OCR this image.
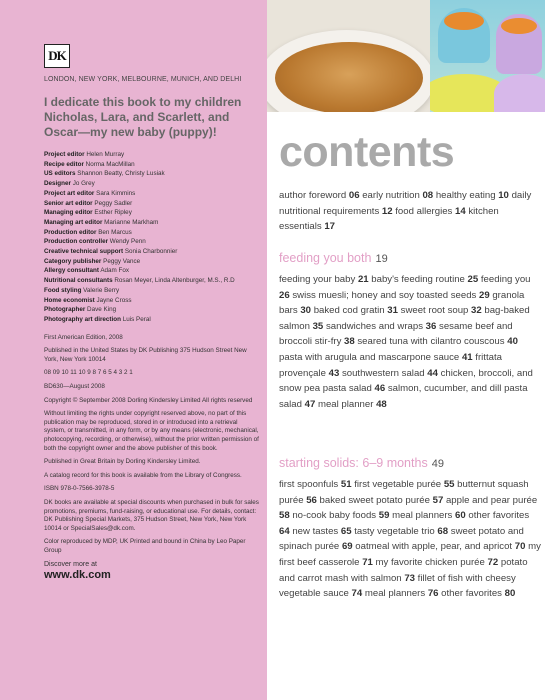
DK
LONDON, NEW YORK, MELBOURNE, MUNICH, AND DELHI
I dedicate this book to my children Nicholas, Lara, and Scarlett, and Oscar—my new baby (puppy)!
Project editor Helen Murray
Recipe editor Norma MacMillan
US editors Shannon Beatty, Christy Lusiak
Designer Jo Grey
Project art editor Sara Kimmins
Senior art editor Peggy Sadler
Managing editor Esther Ripley
Managing art editor Marianne Markham
Production editor Ben Marcus
Production controller Wendy Penn
Creative technical support Sonia Charbonnier
Category publisher Peggy Vance
Allergy consultant Adam Fox
Nutritional consultants Rosan Meyer, Linda Altenburger, M.S., R.D
Food styling Valerie Berry
Home economist Jayne Cross
Photographer Dave King
Photography art direction Luis Peral

First American Edition, 2008

Published in the United States by DK Publishing 375 Hudson Street New York, New York 10014

08 09 10 11 10 9 8 7 6 5 4 3 2 1

BD630—August 2008

Copyright © September 2008 Dorling Kindersley Limited All rights reserved

Without limiting the rights under copyright reserved above, no part of this publication may be reproduced, stored in or introduced into a retrieval system, or transmitted, in any form, or by any means (electronic, mechanical, photocopying, recording, or otherwise), without the prior written permission of both the copyright owner and the above publisher of this book.

Published in Great Britain by Dorling Kindersley Limited.

A catalog record for this book is available from the Library of Congress.

ISBN 978-0-7566-3978-5

DK books are available at special discounts when purchased in bulk for sales promotions, premiums, fund-raising, or educational use. For details, contact: DK Publishing Special Markets, 375 Hudson Street, New York, New York 10014 or SpecialSales@dk.com.

Color reproduced by MDP, UK Printed and bound in China by Leo Paper Group

Discover more at
www.dk.com
contents
author foreword 06 early nutrition 08 healthy eating 10 daily nutritional requirements 12 food allergies 14 kitchen essentials 17
feeding you both 19
feeding your baby 21 baby's feeding routine 25 feeding you 26 swiss muesli; honey and soy toasted seeds 29 granola bars 30 baked cod gratin 31 sweet root soup 32 bag-baked salmon 35 sandwiches and wraps 36 sesame beef and broccoli stir-fry 38 seared tuna with cilantro couscous 40 pasta with arugula and mascarpone sauce 41 frittata provençale 43 southwestern salad 44 chicken, broccoli, and snow pea pasta salad 46 salmon, cucumber, and dill pasta salad 47 meal planner 48
starting solids: 6–9 months 49
first spoonfuls 51 first vegetable purée 55 butternut squash purée 56 baked sweet potato purée 57 apple and pear purée 58 no-cook baby foods 59 meal planners 60 other favorites 64 new tastes 65 tasty vegetable trio 68 sweet potato and spinach purée 69 oatmeal with apple, pear, and apricot 70 my first beef casserole 71 my favorite chicken purée 72 potato and carrot mash with salmon 73 fillet of fish with cheesy vegetable sauce 74 meal planners 76 other favorites 80
